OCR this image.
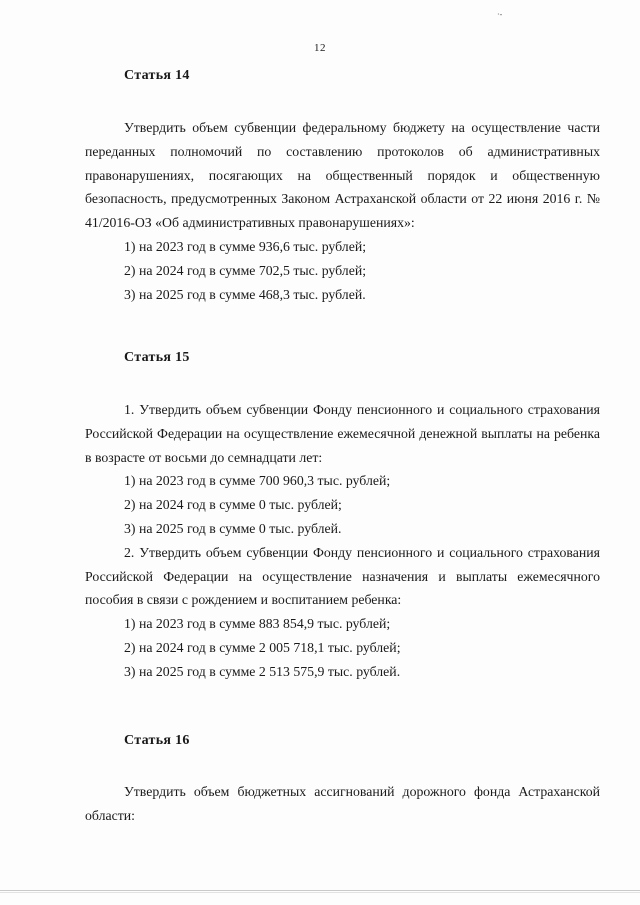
·-
12
Статья 14

Утвердить объем субвенции федеральному бюджету на осуществление части переданных полномочий по составлению протоколов об административных правонарушениях, посягающих на общественный порядок и общественную безопасность, предусмотренных Законом Астраханской области от 22 июня 2016 г. № 41/2016-ОЗ «Об административных правонарушениях»:

1) на 2023 год в сумме 936,6 тыс. рублей;

2) на 2024 год в сумме 702,5 тыс. рублей;

3) на 2025 год в сумме 468,3 тыс. рублей.

Статья 15

1. Утвердить объем субвенции Фонду пенсионного и социального страхования Российской Федерации на осуществление ежемесячной денежной выплаты на ребенка в возрасте от восьми до семнадцати лет:

1) на 2023 год в сумме 700 960,3 тыс. рублей;

2) на 2024 год в сумме 0 тыс. рублей;

3) на 2025 год в сумме 0 тыс. рублей.

2. Утвердить объем субвенции Фонду пенсионного и социального страхования Российской Федерации на осуществление назначения и выплаты ежемесячного пособия в связи с рождением и воспитанием ребенка:

1) на 2023 год в сумме 883 854,9 тыс. рублей;

2) на 2024 год в сумме 2 005 718,1 тыс. рублей;

3) на 2025 год в сумме 2 513 575,9 тыс. рублей.

Статья 16

Утвердить объем бюджетных ассигнований дорожного фонда Астраханской области:
